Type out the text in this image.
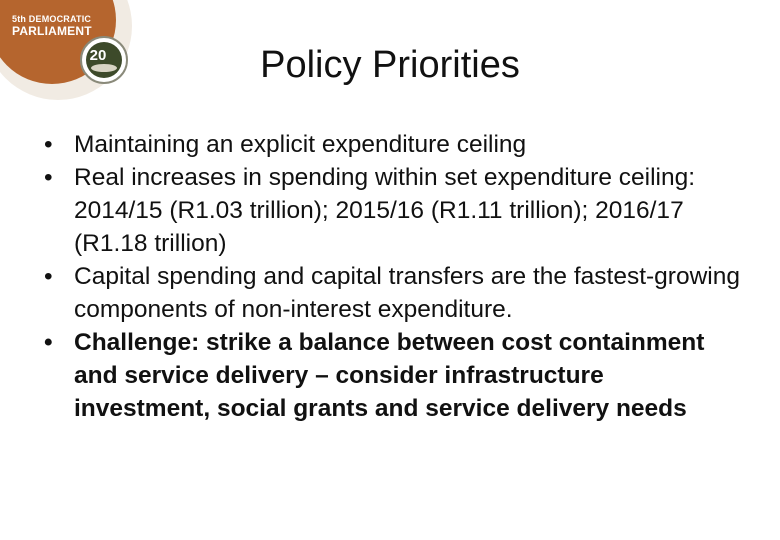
20
5th DEMOCRATIC
PARLIAMENT
Policy Priorities
• Maintaining an explicit expenditure ceiling
• Real increases in spending within set expenditure ceiling: 2014/15 (R1.03 trillion); 2015/16 (R1.11 trillion); 2016/17 (R1.18 trillion)
• Capital spending and capital transfers are the fastest-growing components of non-interest expenditure.
• Challenge: strike a balance between cost containment and service delivery – consider infrastructure investment, social grants and service delivery needs
